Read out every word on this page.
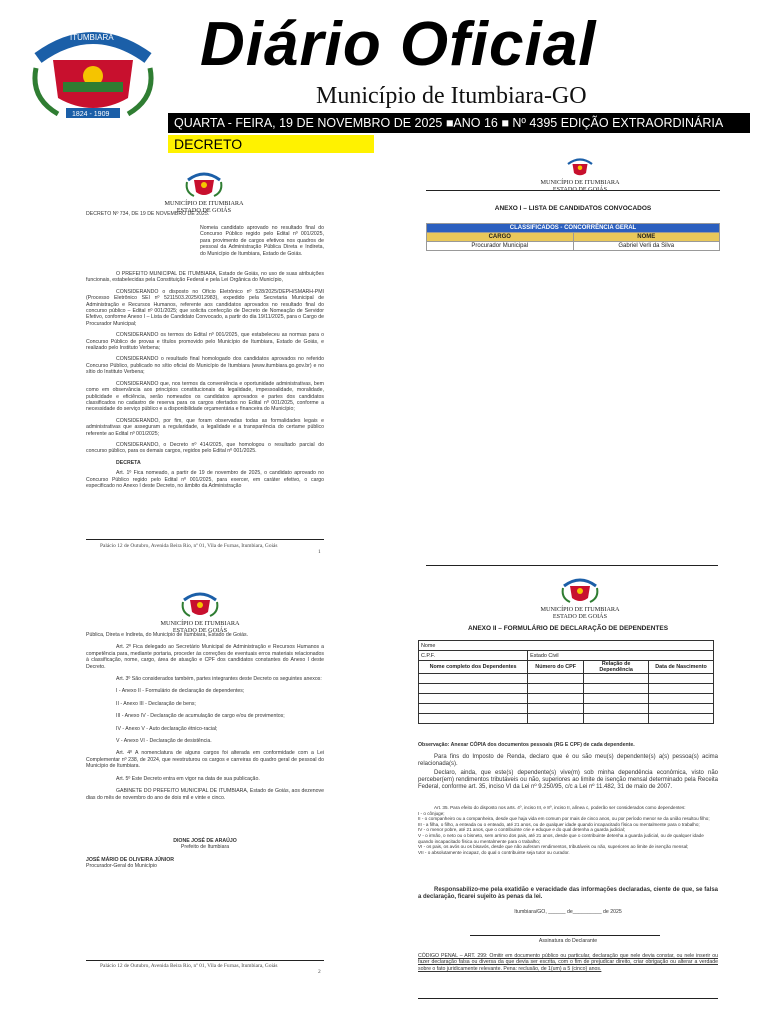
ITUMBIARA
1824 - 1909
Diário Oficial
Município de Itumbiara-GO
QUARTA - FEIRA, 19 DE NOVEMBRO DE 2025 ■ANO 16 ■ Nº 4395 EDIÇÃO EXTRAORDINÁRIA
DECRETO
MUNICÍPIO DE ITUMBIARA
ESTADO DE GOIÁS
DECRETO Nº 734, DE 19 DE NOVEMBRO DE 2025.
Nomeia candidato aprovado no resultado final do Concurso Público regido pelo Edital nº 001/2025, para provimento de cargos efetivos nos quadros de pessoal da Administração Pública Direta e Indireta, do Município de Itumbiara, Estado de Goiás.

O PREFEITO MUNICIPAL DE ITUMBIARA, Estado de Goiás, no uso de suas atribuições funcionais, estabelecidas pela Constituição Federal e pela Lei Orgânica do Município,

CONSIDERANDO o disposto no Ofício Eletrônico nº 528/2025/DEPH/SMARH-PMI (Processo Eletrônico SEI nº 5211503.2025/012983), expedido pela Secretaria Municipal de Administração e Recursos Humanos, referente aos candidatos aprovados no resultado final do concurso público – Edital nº 001/2025; que solicita confecção de Decreto de Nomeação de Servidor Efetivo, conforme Anexo I – Lista de Candidato Convocado, a partir do dia 19/11/2025, para o Cargo de Procurador Municipal;

CONSIDERANDO os termos do Edital nº 001/2025, que estabeleceu as normas para o Concurso Público de provas e títulos promovido pelo Município de Itumbiara, Estado de Goiás, e realizado pelo Instituto Verbena;

CONSIDERANDO o resultado final homologado dos candidatos aprovados no referido Concurso Público, publicado no sítio oficial do Município de Itumbiara (www.itumbiara.go.gov.br) e no sítio do Instituto Verbena;

CONSIDERANDO que, nos termos da conveniência e oportunidade administrativas, bem como em observância aos princípios constitucionais da legalidade, impessoalidade, moralidade, publicidade e eficiência, serão nomeados os candidatos aprovados e partes dos candidatos classificados no cadastro de reserva para os cargos ofertados no Edital nº 001/2025, conforme a necessidade do serviço público e a disponibilidade orçamentária e financeira do Município;

CONSIDERANDO, por fim, que foram observadas todas as formalidades legais e administrativas que asseguram a regularidade, a legalidade e a transparência do certame público referente ao Edital nº 001/2025;

CONSIDERANDO, o Decreto nº 414/2025, que homologou o resultado parcial do concurso público, para os demais cargos, regidos pelo Edital nº 001/2025.

DECRETA

Art. 1º Fica nomeado, a partir de 19 de novembro de 2025, o candidato aprovado no Concurso Público regido pelo Edital nº 001/2025, para exercer, em caráter efetivo, o cargo especificado no Anexo I deste Decreto, no âmbito da Administração

Palácio 12 de Outubro, Avenida Beira Rio, nº 01, Vila de Furnas, Itumbiara, Goiás
1
MUNICÍPIO DE ITUMBIARA
ESTADO DE GOIÁS
ANEXO I – LISTA DE CANDIDATOS CONVOCADOS
CLASSIFICADOS - CONCORRÊNCIA GERAL	
CARGO	NOME
Procurador Municipal	Gabriel Verli da Silva
MUNICÍPIO DE ITUMBIARA
ESTADO DE GOIÁS

Pública, Direta e Indireta, do Município de Itumbiara, Estado de Goiás.

Art. 2º Fica delegado ao Secretário Municipal de Administração e Recursos Humanos a competência para, mediante portaria, proceder às correções de eventuais erros materiais relacionados à classificação, nome, cargo, área de atuação e CPF dos candidatos constantes do Anexo I deste Decreto.

Art. 3º São considerados também, partes integrantes deste Decreto os seguintes anexos:

I - Anexo II - Formulário de declaração de dependentes;

II - Anexo III - Declaração de bens;

III - Anexo IV - Declaração de acumulação de cargo e/ou de provimentos;

IV - Anexo V - Auto declaração étnico-racial;

V - Anexo VI - Declaração de desistência.

Art. 4º A nomenclatura de alguns cargos foi alterada em conformidade com a Lei Complementar nº 238, de 2024, que reestruturou os cargos e carreiras do quadro geral de pessoal do Município de Itumbiara.

Art. 5º Este Decreto entra em vigor na data de sua publicação.

GABINETE DO PREFEITO MUNICIPAL DE ITUMBIARA, Estado de Goiás, aos dezenove dias do mês de novembro do ano de dois mil e vinte e cinco.

DIONE JOSÉ DE ARAÚJO
Prefeito de Itumbiara
JOSÉ MÁRIO DE OLIVEIRA JÚNIOR
Procurador-Geral do Município
Palácio 12 de Outubro, Avenida Beira Rio, nº 01, Vila de Furnas, Itumbiara, Goiás
2
MUNICÍPIO DE ITUMBIARA
ESTADO DE GOIÁS
ANEXO II – FORMULÁRIO DE DECLARAÇÃO DE DEPENDENTES
Nome			
C.P.F.	Estado Civil		
Nome completo dos Dependentes	Número do CPF	Relação de Dependência	Data de Nascimento

Observação: Anexar CÓPIA dos documentos pessoais (RG E CPF) de cada dependente.
Para fins do Imposto de Renda, declaro que é ou são meu(s) dependente(s) a(s) pessoa(s) acima relacionada(s).
Declaro, ainda, que este(s) dependente(s) vive(m) sob minha dependência econômica, visto não perceber(em) rendimentos tributáveis ou não, superiores ao limite de isenção mensal determinado pela Receita Federal, conforme art. 35, inciso VI da Lei nº 9.250/95, c/c a Lei nº 11.482, 31 de maio de 2007.

Art. 35. Para efeito do disposto nos arts. 4º, inciso III, e 8º, inciso II, alínea c, poderão ser considerados como dependentes:

I - o cônjuge;

II - o companheiro ou a companheira, desde que haja vida em comum por mais de cinco anos, ou por período menor se da união resultou filho;

III - a filha, o filho, a enteada ou o enteado, até 21 anos, ou de qualquer idade quando incapacitado física ou mentalmente para o trabalho;

IV - o menor pobre, até 21 anos, que o contribuinte crie e eduque e do qual detenha a guarda judicial;

V - o irmão, o neto ou o bisneto, sem arrimo dos pais, até 21 anos, desde que o contribuinte detenha a guarda judicial, ou de qualquer idade quando incapacitado física ou mentalmente para o trabalho;

VI - os pais, os avós ou os bisavós, desde que não auferam rendimentos, tributáveis ou não, superiores ao limite de isenção mensal;

VII - o absolutamente incapaz, do qual o contribuinte seja tutor ou curador.

Responsabilizo-me pela exatidão e veracidade das informações declaradas, ciente de que, se falsa a declaração, ficarei sujeito às penas da lei.
Itumbiara/GO, ______ de__________ de 2025
Assinatura do Declarante
CÓDIGO PENAL – ART. 299: Omitir em documento público ou particular, declaração que nele devia constar, ou nele inserir ou fazer declaração falsa ou diversa da que devia ser escrita, com o fim de prejudicar direito, criar obrigação ou alterar a verdade sobre o fato juridicamente relevante. Pena: reclusão, de 1(um) a 5 (cinco) anos.
